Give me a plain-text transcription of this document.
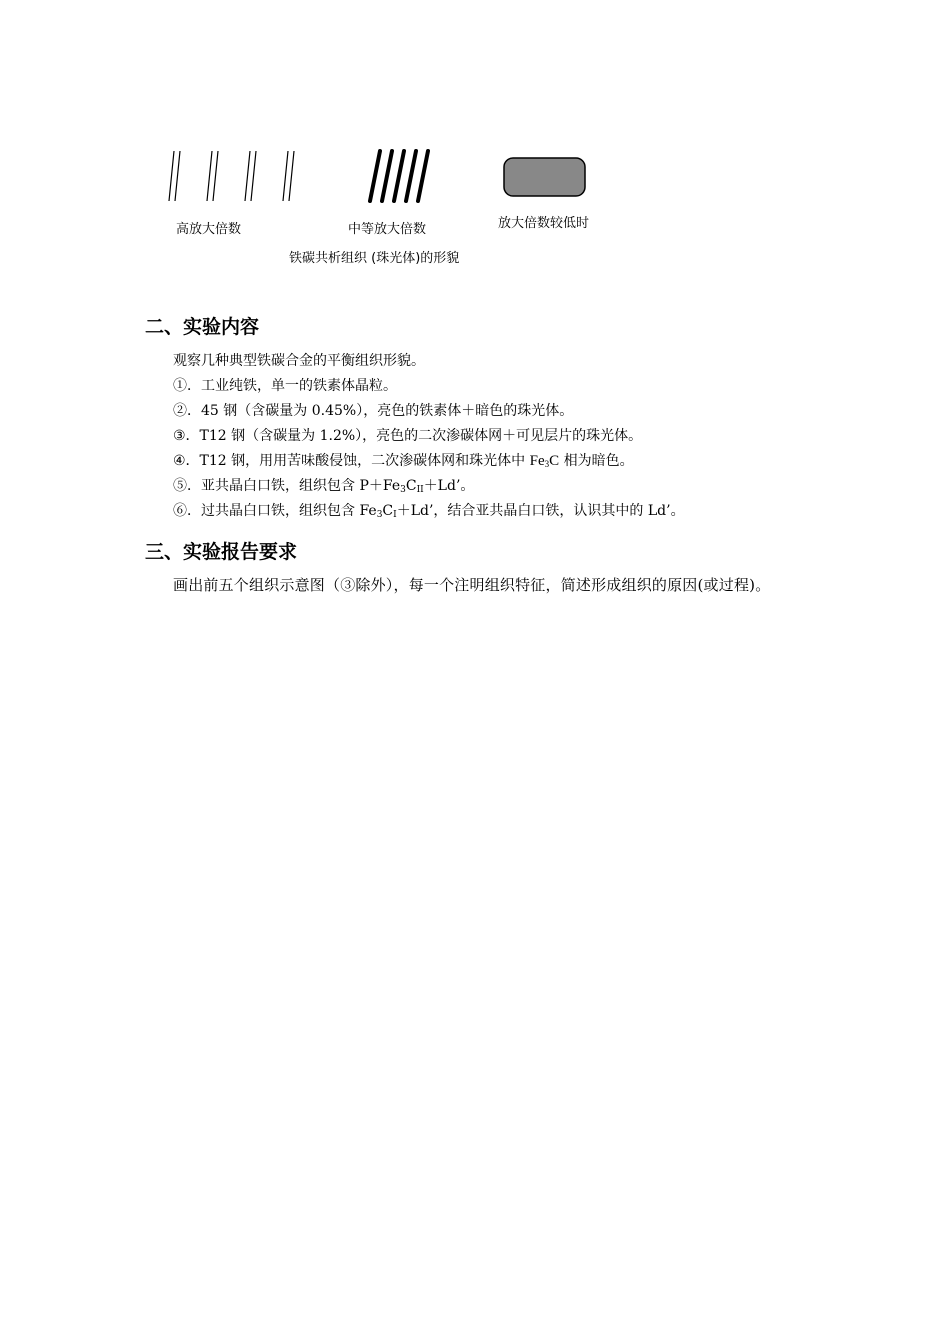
高放大倍数	中等放大倍数	放大倍数较低时
铁碳共析组织 (珠光体)的形貌
二、实验内容
观察几种典型铁碳合金的平衡组织形貌。
①．工业纯铁，单一的铁素体晶粒。
②．45 钢（含碳量为 0.45%），亮色的铁素体＋暗色的珠光体。
③．T12 钢（含碳量为 1.2%），亮色的二次渗碳体网＋可见层片的珠光体。
④．T12 钢，用用苦味酸侵蚀，二次渗碳体网和珠光体中 $Fe_3C$ 相为暗色。
⑤．亚共晶白口铁，组织包含 $P+Fe_3C_{II}+Ld$’。
⑥．过共晶白口铁，组织包含 $Fe_3C_I+Ld$’，结合亚共晶白口铁，认识其中的 Ld’。
三、实验报告要求
画出前五个组织示意图（③除外），每一个注明组织特征，简述形成组织的原因(或过程)。
